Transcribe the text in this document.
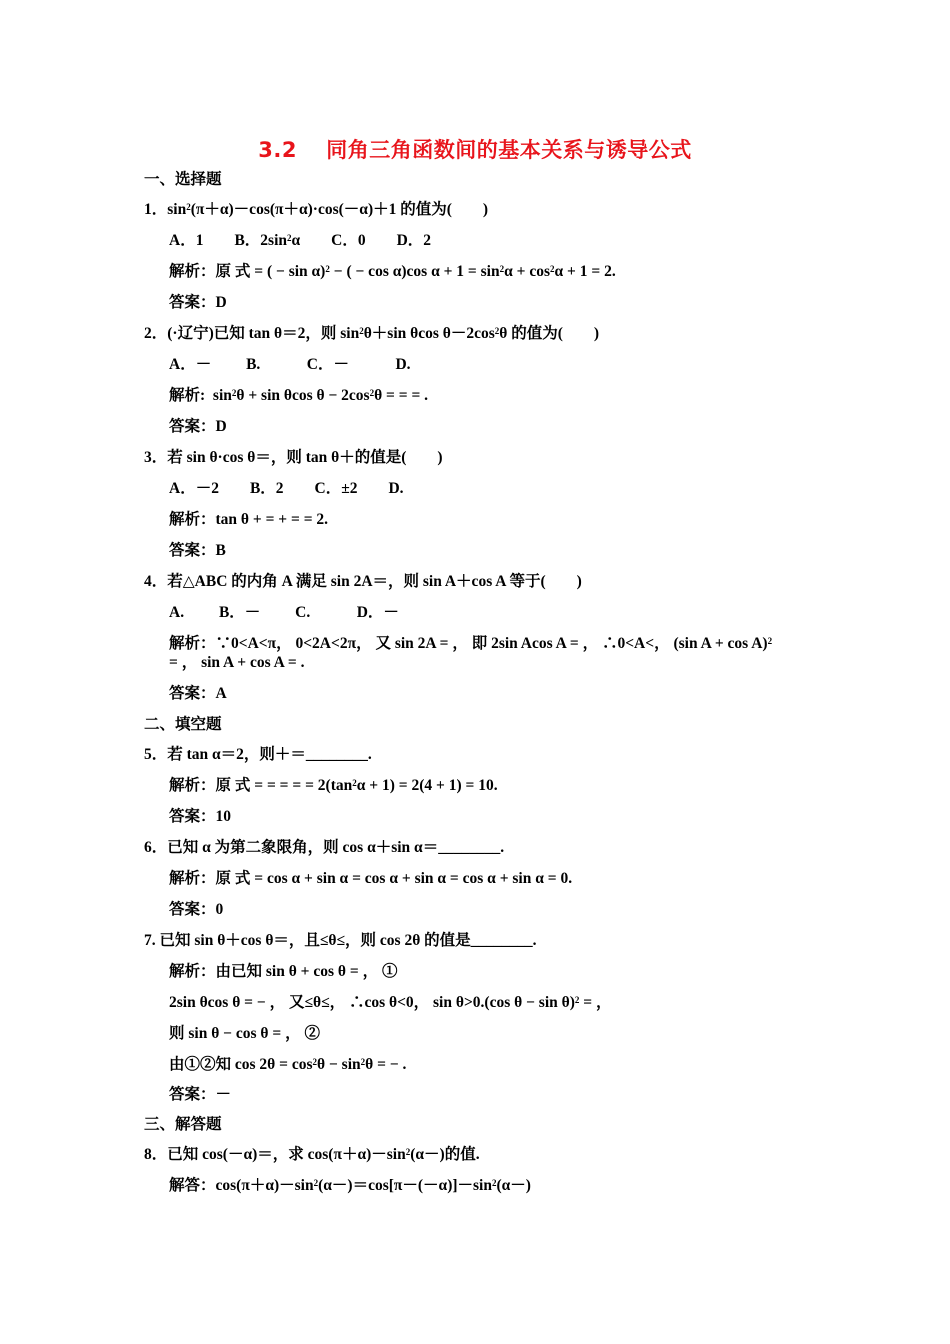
3.2　 同角三角函数间的基本关系与诱导公式
一、选择题
1．$\sin^2(\pi+\alpha)-\cos(\pi+\alpha)\cdot\cos(-\alpha)+1$ 的值为(　　)
A．1　　B．$2\sin^2\alpha$　　C．0　　D．2
解析：原 式 = ( − sin α)$^2$ − ( − cos α)cos $\alpha + 1 = \sin^2\alpha + \cos^2\alpha + 1 = 2$.
答案：D
2．(·辽宁)已知 tan θ＝2，则 $\sin^2\theta+\sin$ θcos $\theta-2\cos^2\theta$ 的值为(　　)
A．－　　 B.　　　C．－　　　D.
解析:  $\sin^2\theta + \sin \theta\cos$ $\theta - 2\cos^2\theta$ = = = .
答案：D
3．若 sin θ·cos θ＝，则 tan θ＋的值是(　　)
A．－2　　B．2　　C．±2　　D.
解析：tan θ + = + = = 2.
答案：B
4．若△ABC 的内角 A 满足 sin 2A＝，则 sin A＋cos A 等于(　　)
A.　　 B．－　　 C.　　　D．－
解析：∵0<A<π， 0<2A<2π， 又 sin 2A = ， 即 2sin Acos A = ， ∴0<A<， (sin A + cos A)$^2$
= ， sin A + cos A = .
答案：A
二、填空题
5．若 tan α＝2，则＋＝________.
解析：原 式 = = = = = $2(\tan^2\alpha + 1) = 2(4 + 1) = 10$.
答案：10
6．已知 α 为第二象限角，则 cos α＋sin α＝________.
解析：原 式 = cos α + sin α = cos α + sin α = cos α + sin α = 0.
答案：0
7. 已知 sin θ＋cos θ＝，且≤θ≤，则 cos 2θ 的值是________.
解析：由已知 sin θ + cos θ = ， ①
2sin θcos θ = − ， 又≤θ≤， ∴cos θ<0， sin θ>0.(cos θ − sin θ)$^2$ = ，
则 sin θ − cos θ = ， ②
由①②知 $\cos 2\theta = \cos^2\theta - \sin^2\theta$ = − .
答案：－
三、解答题
8．已知 cos(－α)＝，求 $\cos(\pi+\alpha)-\sin^2(\alpha-)$的值.
解答：$\cos(\pi+\alpha)-\sin^2(\alpha-)=\cos[\pi-(-\alpha)]-\sin^2(\alpha-)$
